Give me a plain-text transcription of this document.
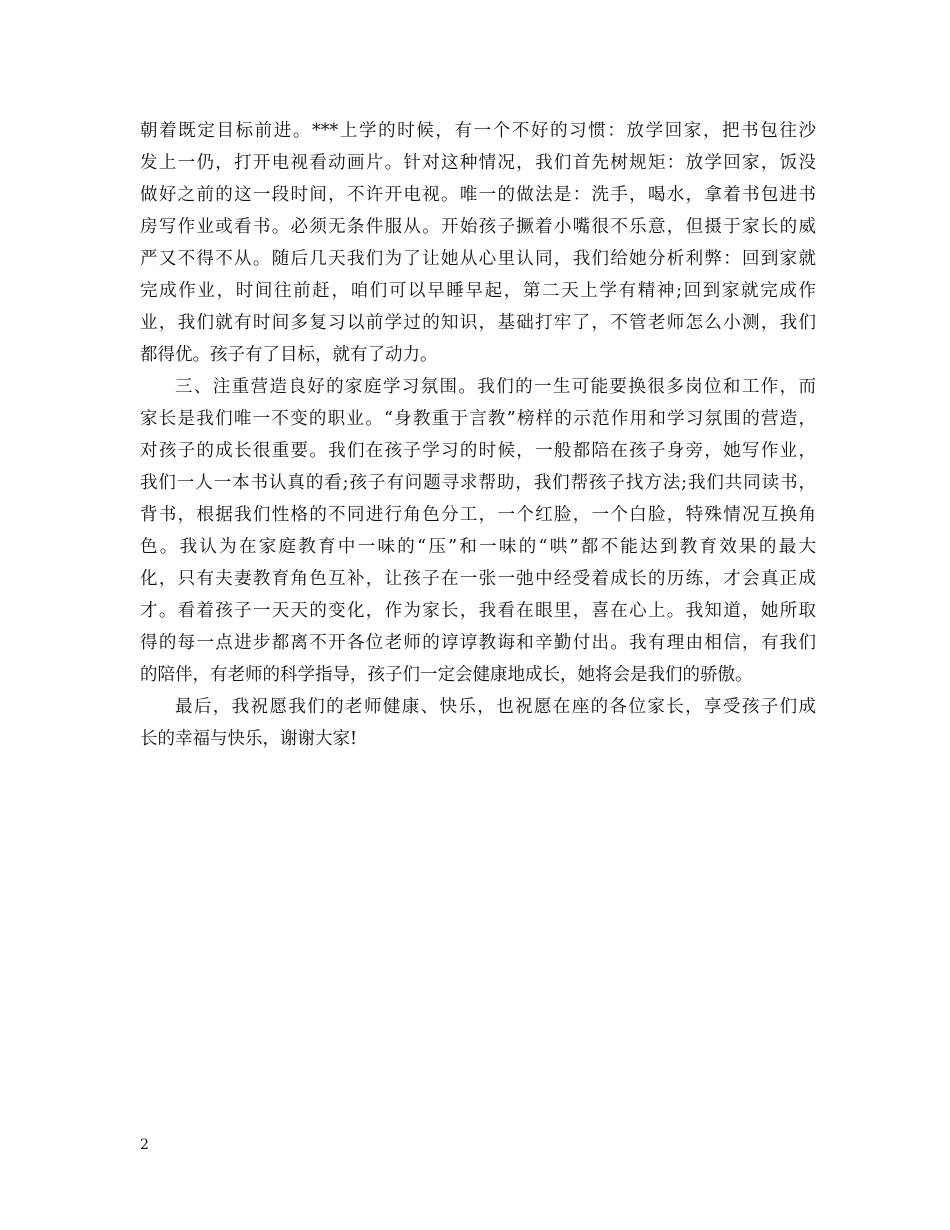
朝着既定目标前进。***上学的时候，有一个不好的习惯：放学回家，把书包往沙
发上一仍，打开电视看动画片。针对这种情况，我们首先树规矩：放学回家，饭没
做好之前的这一段时间，不许开电视。唯一的做法是：洗手，喝水，拿着书包进书
房写作业或看书。必须无条件服从。开始孩子撅着小嘴很不乐意，但摄于家长的威
严又不得不从。随后几天我们为了让她从心里认同，我们给她分析利弊：回到家就
完成作业，时间往前赶，咱们可以早睡早起，第二天上学有精神;回到家就完成作
业，我们就有时间多复习以前学过的知识，基础打牢了，不管老师怎么小测，我们
都得优。孩子有了目标，就有了动力。
三、注重营造良好的家庭学习氛围。我们的一生可能要换很多岗位和工作，而
家长是我们唯一不变的职业。“身教重于言教”榜样的示范作用和学习氛围的营造，
对孩子的成长很重要。我们在孩子学习的时候，一般都陪在孩子身旁，她写作业，
我们一人一本书认真的看;孩子有问题寻求帮助，我们帮孩子找方法;我们共同读书，
背书，根据我们性格的不同进行角色分工，一个红脸，一个白脸，特殊情况互换角
色。我认为在家庭教育中一味的“压”和一味的“哄”都不能达到教育效果的最大
化，只有夫妻教育角色互补，让孩子在一张一弛中经受着成长的历练，才会真正成
才。看着孩子一天天的变化，作为家长，我看在眼里，喜在心上。我知道，她所取
得的每一点进步都离不开各位老师的谆谆教诲和辛勤付出。我有理由相信，有我们
的陪伴，有老师的科学指导，孩子们一定会健康地成长，她将会是我们的骄傲。
最后，我祝愿我们的老师健康、快乐，也祝愿在座的各位家长，享受孩子们成
长的幸福与快乐，谢谢大家!
2
